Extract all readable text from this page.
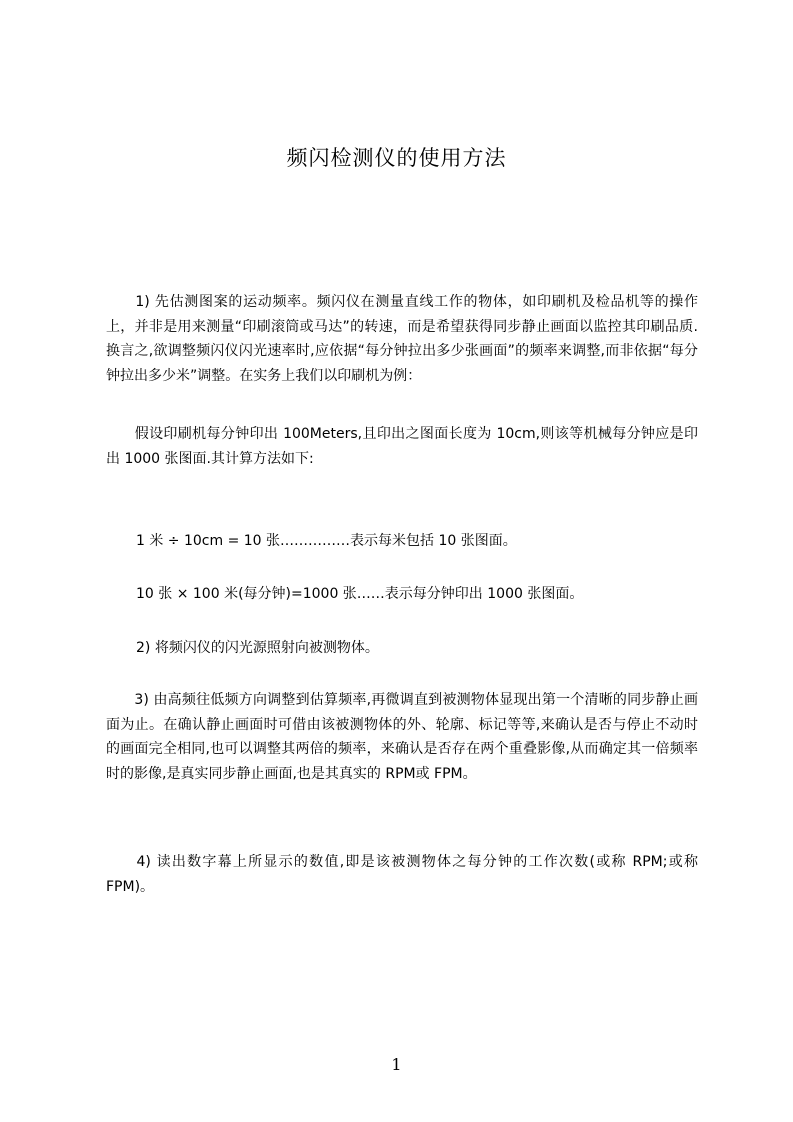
频闪检测仪的使用方法

　　1) 先估测图案的运动频率。频闪仪在测量直线工作的物体，如印刷机及检品机等的操作上，并非是用来测量“印刷滚筒或马达”的转速，而是希望获得同步静止画面以监控其印刷品质.换言之,欲调整频闪仪闪光速率时,应依据“每分钟拉出多少张画面”的频率来调整,而非依据“每分钟拉出多少米”调整。在实务上我们以印刷机为例：

　　假设印刷机每分钟印出 100Meters,且印出之图面长度为 10cm,则该等机械每分钟应是印出 1000 张图面.其计算方法如下:

1 米 ÷ 10cm = 10 张……………表示每米包括 10 张图面。

10 张 × 100 米(每分钟)=1000 张……表示每分钟印出 1000 张图面。

2) 将频闪仪的闪光源照射向被测物体。

　　3) 由高频往低频方向调整到估算频率,再微调直到被测物体显现出第一个清晰的同步静止画面为止。在确认静止画面时可借由该被测物体的外、轮廓、标记等等,来确认是否与停止不动时的画面完全相同,也可以调整其两倍的频率，来确认是否存在两个重叠影像,从而确定其一倍频率时的影像,是真实同步静止画面,也是其真实的 RPM或 FPM。

　　4) 读出数字幕上所显示的数值,即是该被测物体之每分钟的工作次数(或称 RPM;或称 FPM)。

1
